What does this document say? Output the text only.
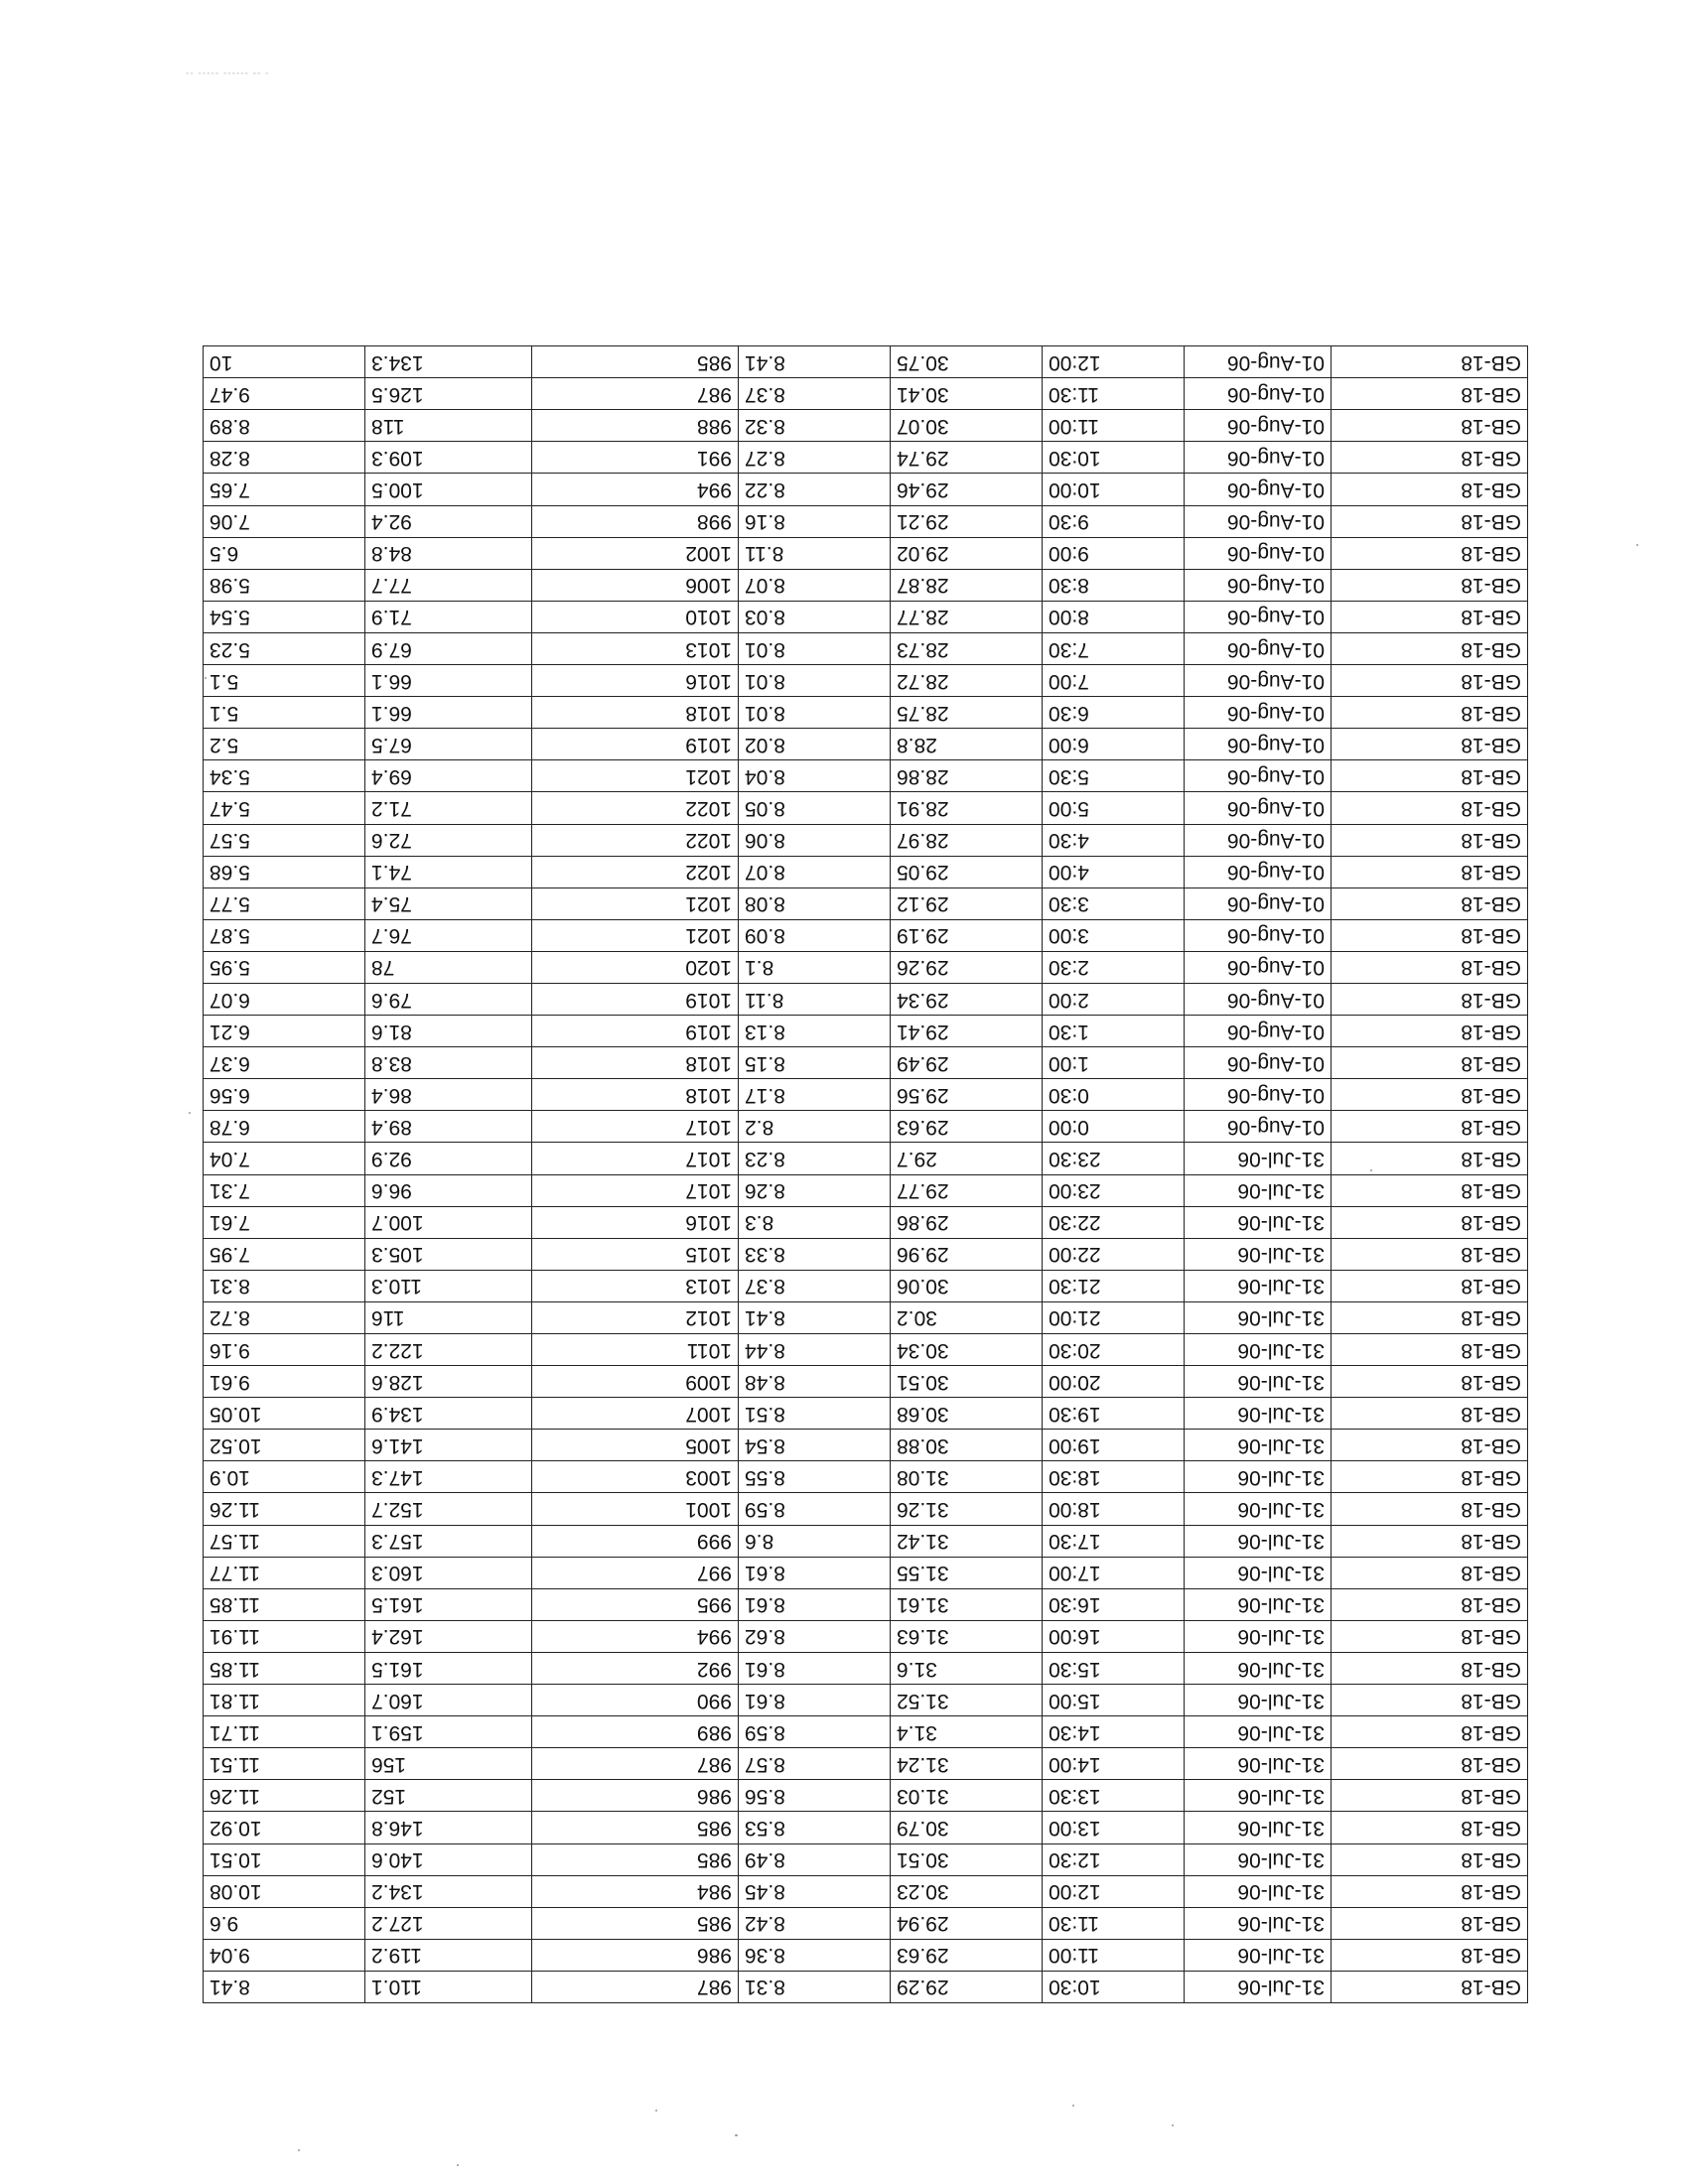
- -- ------ ----- --
GB-18	31-Jul-06	10:30	29.29	8.31	987	110.1	8.41
GB-18	31-Jul-06	11:00	29.63	8.36	986	119.2	9.04
GB-18	31-Jul-06	11:30	29.94	8.42	985	127.2	9.6
GB-18	31-Jul-06	12:00	30.23	8.45	984	134.2	10.08
GB-18	31-Jul-06	12:30	30.51	8.49	985	140.6	10.51
GB-18	31-Jul-06	13:00	30.79	8.53	985	146.8	10.92
GB-18	31-Jul-06	13:30	31.03	8.56	986	152	11.26
GB-18	31-Jul-06	14:00	31.24	8.57	987	156	11.51
GB-18	31-Jul-06	14:30	31.4	8.59	989	159.1	11.71
GB-18	31-Jul-06	15:00	31.52	8.61	990	160.7	11.81
GB-18	31-Jul-06	15:30	31.6	8.61	992	161.5	11.85
GB-18	31-Jul-06	16:00	31.63	8.62	994	162.4	11.91
GB-18	31-Jul-06	16:30	31.61	8.61	995	161.5	11.85
GB-18	31-Jul-06	17:00	31.55	8.61	997	160.3	11.77
GB-18	31-Jul-06	17:30	31.42	8.6	999	157.3	11.57
GB-18	31-Jul-06	18:00	31.26	8.59	1001	152.7	11.26
GB-18	31-Jul-06	18:30	31.08	8.55	1003	147.3	10.9
GB-18	31-Jul-06	19:00	30.88	8.54	1005	141.6	10.52
GB-18	31-Jul-06	19:30	30.68	8.51	1007	134.9	10.05
GB-18	31-Jul-06	20:00	30.51	8.48	1009	128.6	9.61
GB-18	31-Jul-06	20:30	30.34	8.44	1011	122.2	9.16
GB-18	31-Jul-06	21:00	30.2	8.41	1012	116	8.72
GB-18	31-Jul-06	21:30	30.06	8.37	1013	110.3	8.31
GB-18	31-Jul-06	22:00	29.96	8.33	1015	105.3	7.95
GB-18	31-Jul-06	22:30	29.86	8.3	1016	100.7	7.61
GB-18	31-Jul-06	23:00	29.77	8.26	1017	96.6	7.31
GB-18	31-Jul-06	23:30	29.7	8.23	1017	92.9	7.04
GB-18	01-Aug-06	0:00	29.63	8.2	1017	89.4	6.78
GB-18	01-Aug-06	0:30	29.56	8.17	1018	86.4	6.56
GB-18	01-Aug-06	1:00	29.49	8.15	1018	83.8	6.37
GB-18	01-Aug-06	1:30	29.41	8.13	1019	81.6	6.21
GB-18	01-Aug-06	2:00	29.34	8.11	1019	79.6	6.07
GB-18	01-Aug-06	2:30	29.26	8.1	1020	78	5.95
GB-18	01-Aug-06	3:00	29.19	8.09	1021	76.7	5.87
GB-18	01-Aug-06	3:30	29.12	8.08	1021	75.4	5.77
GB-18	01-Aug-06	4:00	29.05	8.07	1022	74.1	5.68
GB-18	01-Aug-06	4:30	28.97	8.06	1022	72.6	5.57
GB-18	01-Aug-06	5:00	28.91	8.05	1022	71.2	5.47
GB-18	01-Aug-06	5:30	28.86	8.04	1021	69.4	5.34
GB-18	01-Aug-06	6:00	28.8	8.02	1019	67.5	5.2
GB-18	01-Aug-06	6:30	28.75	8.01	1018	66.1	5.1
GB-18	01-Aug-06	7:00	28.72	8.01	1016	66.1	5.1
GB-18	01-Aug-06	7:30	28.73	8.01	1013	67.9	5.23
GB-18	01-Aug-06	8:00	28.77	8.03	1010	71.9	5.54
GB-18	01-Aug-06	8:30	28.87	8.07	1006	77.7	5.98
GB-18	01-Aug-06	9:00	29.02	8.11	1002	84.8	6.5
GB-18	01-Aug-06	9:30	29.21	8.16	998	92.4	7.06
GB-18	01-Aug-06	10:00	29.46	8.22	994	100.5	7.65
GB-18	01-Aug-06	10:30	29.74	8.27	991	109.3	8.28
GB-18	01-Aug-06	11:00	30.07	8.32	988	118	8.89
GB-18	01-Aug-06	11:30	30.41	8.37	987	126.5	9.47
GB-18	01-Aug-06	12:00	30.75	8.41	985	134.3	10
